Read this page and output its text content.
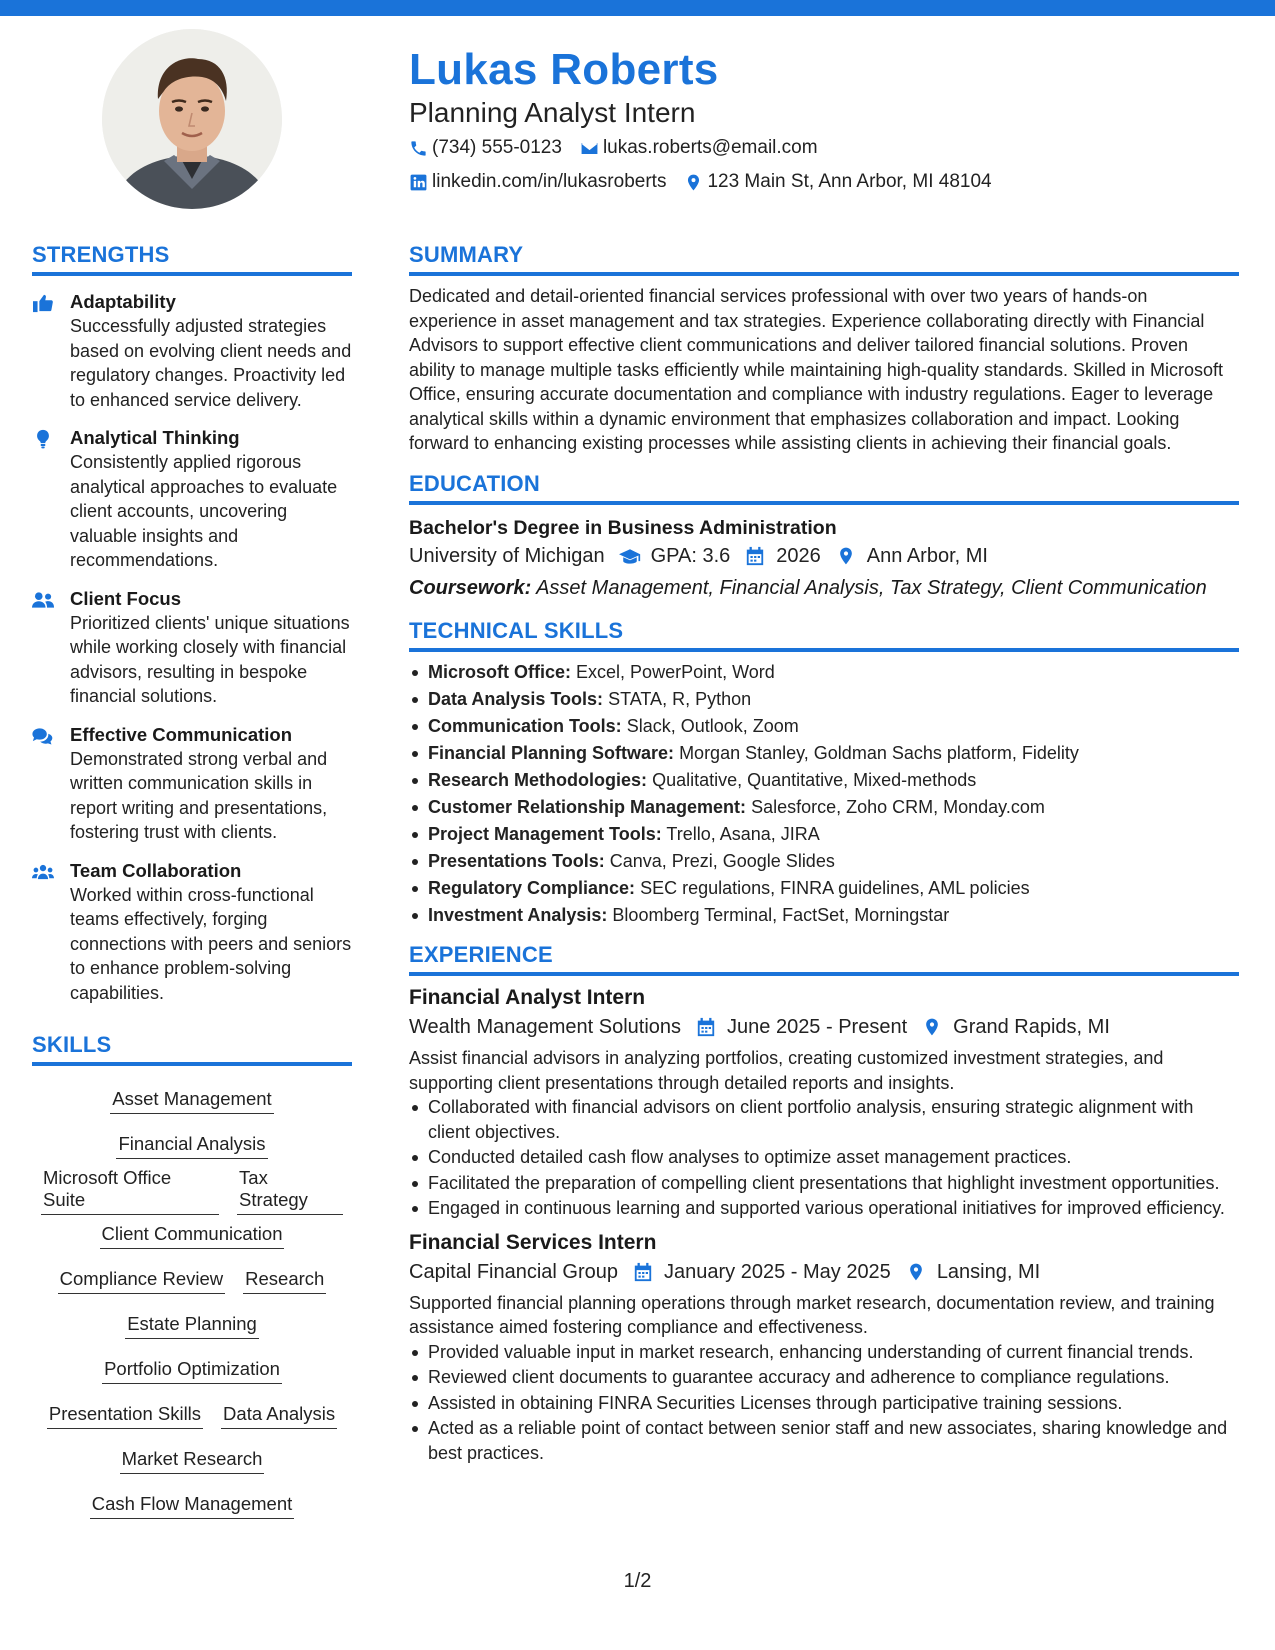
Lukas Roberts
Planning Analyst Intern
(734) 555-0123 lukas.roberts@email.com
linkedin.com/in/lukasroberts 123 Main St, Ann Arbor, MI 48104
STRENGTHS
Adaptability
Successfully adjusted strategies based on evolving client needs and regulatory changes. Proactivity led to enhanced service delivery.
Analytical Thinking
Consistently applied rigorous analytical approaches to evaluate client accounts, uncovering valuable insights and recommendations.
Client Focus
Prioritized clients' unique situations while working closely with financial advisors, resulting in bespoke financial solutions.
Effective Communication
Demonstrated strong verbal and written communication skills in report writing and presentations, fostering trust with clients.
Team Collaboration
Worked within cross-functional teams effectively, forging connections with peers and seniors to enhance problem-solving capabilities.
SKILLS
Asset Management
Financial Analysis
Microsoft Office Suite
Tax Strategy
Client Communication
Compliance Review Research
Estate Planning
Portfolio Optimization
Presentation Skills Data Analysis
Market Research
Cash Flow Management
SUMMARY
Dedicated and detail-oriented financial services professional with over two years of hands-on experience in asset management and tax strategies. Experience collaborating directly with Financial Advisors to support effective client communications and deliver tailored financial solutions. Proven ability to manage multiple tasks efficiently while maintaining high-quality standards. Skilled in Microsoft Office, ensuring accurate documentation and compliance with industry regulations. Eager to leverage analytical skills within a dynamic environment that emphasizes collaboration and impact. Looking forward to enhancing existing processes while assisting clients in achieving their financial goals.
EDUCATION
Bachelor's Degree in Business Administration
University of Michigan GPA: 3.6 2026 Ann Arbor, MI
Coursework: Asset Management, Financial Analysis, Tax Strategy, Client Communication
TECHNICAL SKILLS
Microsoft Office: Excel, PowerPoint, Word
Data Analysis Tools: STATA, R, Python
Communication Tools: Slack, Outlook, Zoom
Financial Planning Software: Morgan Stanley, Goldman Sachs platform, Fidelity
Research Methodologies: Qualitative, Quantitative, Mixed-methods
Customer Relationship Management: Salesforce, Zoho CRM, Monday.com
Project Management Tools: Trello, Asana, JIRA
Presentations Tools: Canva, Prezi, Google Slides
Regulatory Compliance: SEC regulations, FINRA guidelines, AML policies
Investment Analysis: Bloomberg Terminal, FactSet, Morningstar
EXPERIENCE
Financial Analyst Intern
Wealth Management Solutions June 2025 - Present Grand Rapids, MI
Assist financial advisors in analyzing portfolios, creating customized investment strategies, and supporting client presentations through detailed reports and insights.
Collaborated with financial advisors on client portfolio analysis, ensuring strategic alignment with client objectives.
Conducted detailed cash flow analyses to optimize asset management practices.
Facilitated the preparation of compelling client presentations that highlight investment opportunities.
Engaged in continuous learning and supported various operational initiatives for improved efficiency.
Financial Services Intern
Capital Financial Group January 2025 - May 2025 Lansing, MI
Supported financial planning operations through market research, documentation review, and training assistance aimed fostering compliance and effectiveness.
Provided valuable input in market research, enhancing understanding of current financial trends.
Reviewed client documents to guarantee accuracy and adherence to compliance regulations.
Assisted in obtaining FINRA Securities Licenses through participative training sessions.
Acted as a reliable point of contact between senior staff and new associates, sharing knowledge and best practices.
1/2
